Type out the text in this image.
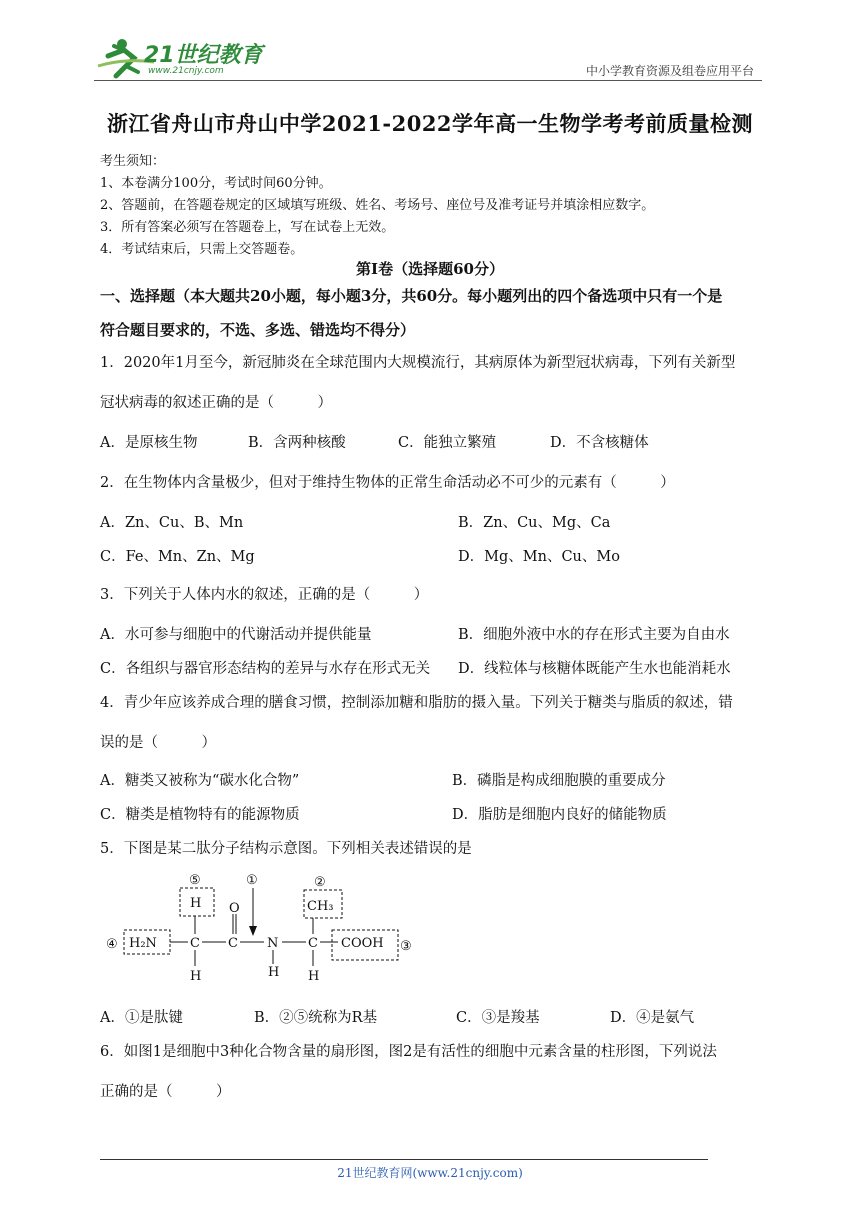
21世纪教育
www.21cnjy.com	中小学教育资源及组卷应用平台
浙江省舟山市舟山中学2021-2022学年高一生物学考考前质量检测
考生须知：
1、本卷满分100分，考试时间60分钟。
2、答题前，在答题卷规定的区域填写班级、姓名、考场号、座位号及准考证号并填涂相应数字。
3．所有答案必须写在答题卷上，写在试卷上无效。
4．考试结束后，只需上交答题卷。
第Ⅰ卷（选择题60分）
一、选择题（本大题共20小题，每小题3分，共60分。每小题列出的四个备选项中只有一个是
符合题目要求的，不选、多选、错选均不得分）
1．2020年1月至今，新冠肺炎在全球范围内大规模流行，其病原体为新型冠状病毒，下列有关新型
冠状病毒的叙述正确的是（　　　）
A．是原核生物	B．含两种核酸	C．能独立繁殖	D．不含核糖体
2．在生物体内含量极少，但对于维持生物体的正常生命活动必不可少的元素有（　　　）
A．Zn、Cu、B、Mn	B．Zn、Cu、Mg、Ca
C．Fe、Mn、Zn、Mg	D．Mg、Mn、Cu、Mo
3．下列关于人体内水的叙述，正确的是（　　　）
A．水可参与细胞中的代谢活动并提供能量	B．细胞外液中水的存在形式主要为自由水
C．各组织与器官形态结构的差异与水存在形式无关 D．线粒体与核糖体既能产生水也能消耗水
4．青少年应该养成合理的膳食习惯，控制添加糖和脂肪的摄入量。下列关于糖类与脂质的叙述，错
误的是（　　　）
A．糖类又被称为“碳水化合物”	B．磷脂是构成细胞膜的重要成分
C．糖类是植物特有的能源物质	D．脂肪是细胞内良好的储能物质
5．下图是某二肽分子结构示意图。下列相关表述错误的是
H O	CH₃
H₂N	C C N C COOH
H	H H
①	②
③
④
⑤
A．①是肽键	B．②⑤统称为R基	C．③是羧基	D．④是氨气
6．如图1是细胞中3种化合物含量的扇形图，图2是有活性的细胞中元素含量的柱形图，下列说法
正确的是（　　　）
21世纪教育网(www.21cnjy.com)
